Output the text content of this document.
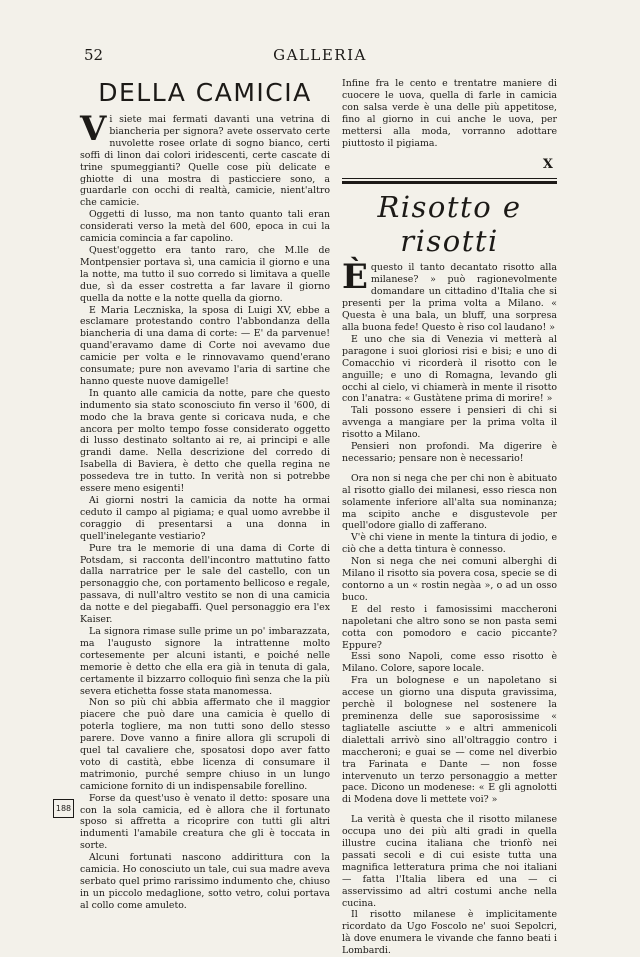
52	GALLERIA
DELLA CAMICIA

Vi siete mai fermati davanti una vetrina di biancheria per signora? avete osservato certe nuvolette rosee orlate di sogno bianco, certi soffi di linon dai colori iridescenti, certe cascate di trine spumeggianti? Quelle cose più delicate e ghiotte di una mostra di pasticciere sono, a guardarle con occhi di realtà, camicie, nient'altro che camicie.

Oggetti di lusso, ma non tanto quanto tali eran considerati verso la metà del 600, epoca in cui la camicia comincia a far capolino.

Quest'oggetto era tanto raro, che M.lle de Montpensier portava sì, una camicia il giorno e una la notte, ma tutto il suo corredo si limitava a quelle due, sì da esser costretta a far lavare il giorno quella da notte e la notte quella da giorno.

E Maria Leczniska, la sposa di Luigi XV, ebbe a esclamare protestando contro l'abbondanza della biancheria di una dama di corte: — E' da parvenue! quand'eravamo dame di Corte noi avevamo due camicie per volta e le rinnovavamo quend'erano consumate; pure non avevamo l'aria di sartine che hanno queste nuove damigelle!

In quanto alle camicia da notte, pare che questo indumento sia stato sconosciuto fin verso il '600, di modo che la brava gente si coricava nuda, e che ancora per molto tempo fosse considerato oggetto di lusso destinato soltanto ai re, ai principi e alle grandi dame. Nella descrizione del corredo di Isabella di Baviera, è detto che quella regina ne possedeva tre in tutto. In verità non si potrebbe essere meno esigenti!

Ai giorni nostri la camicia da notte ha ormai ceduto il campo al pigiama; e qual uomo avrebbe il coraggio di presentarsi a una donna in quell'inelegante vestiario?

Pure tra le memorie di una dama di Corte di Potsdam, si racconta dell'incontro mattutino fatto dalla narratrice per le sale del castello, con un personaggio che, con portamento bellicoso e regale, passava, di null'altro vestito se non di una camicia da notte e del piegabaffi. Quel personaggio era l'ex Kaiser.

La signora rimase sulle prime un po' imbarazzata, ma l'augusto signore la intrattenne molto cortesemente per alcuni istanti, e poiché nelle memorie è detto che ella era già in tenuta di gala, certamente il bizzarro colloquio finì senza che la più severa etichetta fosse stata manomessa.

Non so più chi abbia affermato che il maggior piacere che può dare una camicia è quello di poterla togliere, ma non tutti sono dello stesso parere. Dove vanno a finire allora gli scrupoli di quel tal cavaliere che, sposatosi dopo aver fatto voto di castità, ebbe licenza di consumare il matrimonio, purché sempre chiuso in un lungo camicione fornito di un indispensabile forellino.

Forse da quest'uso è venato il detto: sposare una con la sola camicia, ed è allora che il fortunato sposo si affretta a ricoprire con tutti gli altri indumenti l'amabile creatura che gli è toccata in sorte.

Alcuni fortunati nascono addirittura con la camicia. Ho conosciuto un tale, cui sua madre aveva serbato quel primo rarissimo indumento che, chiuso in un piccolo medaglione, sotto vetro, colui portava al collo come amuleto.

Infine fra le cento e trentatre maniere di cuocere le uova, quella di farle in camicia con salsa verde è una delle più appetitose, fino al giorno in cui anche le uova, per mettersi alla moda, vorranno adottare piuttosto il pigiama.

X
Risotto e risotti

Èquesto il tanto decantato risotto alla milanese? » può ragionevolmente domandare un cittadino d'Italia che si presenti per la prima volta a Milano. « Questa è una bala, un bluff, una sorpresa alla buona fede! Questo è riso col laudano! »

E uno che sia di Venezia vi metterà al paragone i suoi gloriosi risi e bisi; e uno di Comacchio vi ricorderà il risotto con le anguille; e uno di Romagna, levando gli occhi al cielo, vi chiamerà in mente il risotto con l'anatra: « Gustàtene prima di morire! »

Tali possono essere i pensieri di chi si avvenga a mangiare per la prima volta il risotto a Milano.

Pensieri non profondi. Ma digerire è necessario; pensare non è necessario!

Ora non si nega che per chi non è abituato al risotto giallo dei milanesi, esso riesca non solamente inferiore all'alta sua nominanza; ma scipito anche e disgustevole per quell'odore giallo di zafferano.

V'è chi viene in mente la tintura di jodio, e ciò che a detta tintura è connesso.

Non si nega che nei comuni alberghi di Milano il risotto sia povera cosa, specie se di contorno a un « rostin negàa », o ad un osso buco.

E del resto i famosissimi maccheroni napoletani che altro sono se non pasta semi cotta con pomodoro e cacio piccante? Eppure?

Essi sono Napoli, come esso risotto è Milano. Colore, sapore locale.

Fra un bolognese e un napoletano si accese un giorno una disputa gravissima, perchè il bolognese nel sostenere la preminenza delle sue saporosissime « tagliatelle asciutte » e altri ammenicoli dialettali arrivò sino all'oltraggio contro i maccheroni; e guai se — come nel diverbio tra Farinata e Dante — non fosse intervenuto un terzo personaggio a metter pace. Dicono un modenese: « E gli agnolotti di Modena dove li mettete voi? »

La verità è questa che il risotto milanese occupa uno dei più alti gradi in quella illustre cucina italiana che trionfò nei passati secoli e di cui esiste tutta una magnifica letteratura prima che noi italiani — fatta l'Italia libera ed una — ci asservissimo ad altri costumi anche nella cucina.

Il risotto milanese è implicitamente ricordato da Ugo Foscolo ne' suoi Sepolcri, là dove enumera le vivande che fanno beati i Lombardi.

188
